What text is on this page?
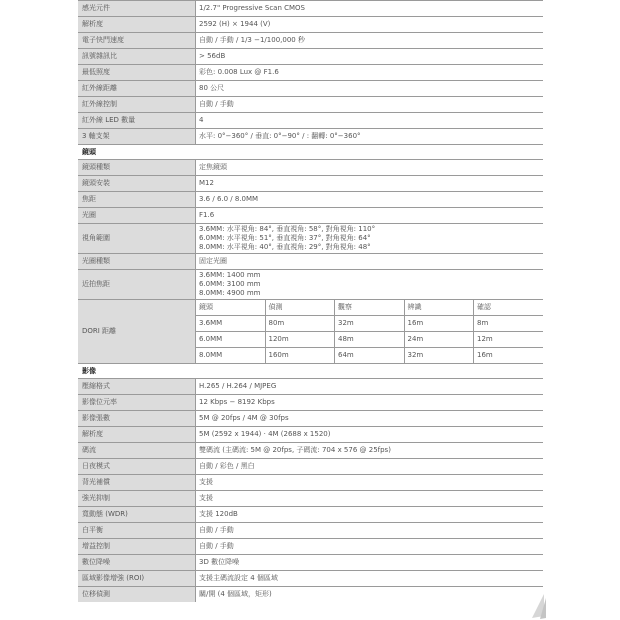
感光元件	1/2.7" Progressive Scan CMOS				
解析度	2592 (H) × 1944 (V)				
電子快門速度	自動 / 手動 / 1/3 −1/100,000 秒				
訊號雜訊比	> 56dB				
最低照度	彩色: 0.008 Lux @ F1.6				
紅外線距離	80 公尺				
紅外線控制	自動 / 手動				
紅外線 LED 數量	4				
3 軸支架	水平: 0°−360° / 垂直: 0°−90° / : 翻轉: 0°−360°				
鏡頭					
鏡頭種類	定焦鏡頭				
鏡頭安裝	M12				
焦距	3.6 / 6.0 / 8.0MM				
光圈	F1.6				
視角範圍	3.6MM: 水平視角: 84°, 垂直視角: 58°, 對角視角: 110°
6.0MM: 水平視角: 51°, 垂直視角: 37°, 對角視角: 64°
8.0MM: 水平視角: 40°, 垂直視角: 29°, 對角視角: 48°				

光圈種類	固定光圈				
近拍焦距	3.6MM: 1400 mm
6.0MM: 3100 mm
8.0MM: 4900 mm				

DORI 距離	鏡頭	偵測	觀察	辨識	確認
	3.6MM	80m	32m	16m	8m
	6.0MM	120m	48m	24m	12m
	8.0MM	160m	64m	32m	16m
影像					
壓縮格式	H.265 / H.264 / MJPEG				
影像位元率	12 Kbps − 8192 Kbps				
影像張數	5M @ 20fps / 4M @ 30fps				
解析度	5M (2592 x 1944) · 4M (2688 x 1520)				
碼流	雙碼流 (主碼流: 5M @ 20fps, 子碼流: 704 x 576 @ 25fps)				
日夜模式	自動 / 彩色 / 黑白				
背光補償	支援				
強光抑制	支援				
寬動態 (WDR)	支援 120dB				
白平衡	自動 / 手動				
增益控制	自動 / 手動				
數位降噪	3D 數位降噪				
區域影像增強 (ROI)	支援主碼流設定 4 個區域				
位移偵測	關/開 (4 個區域，矩形)				
